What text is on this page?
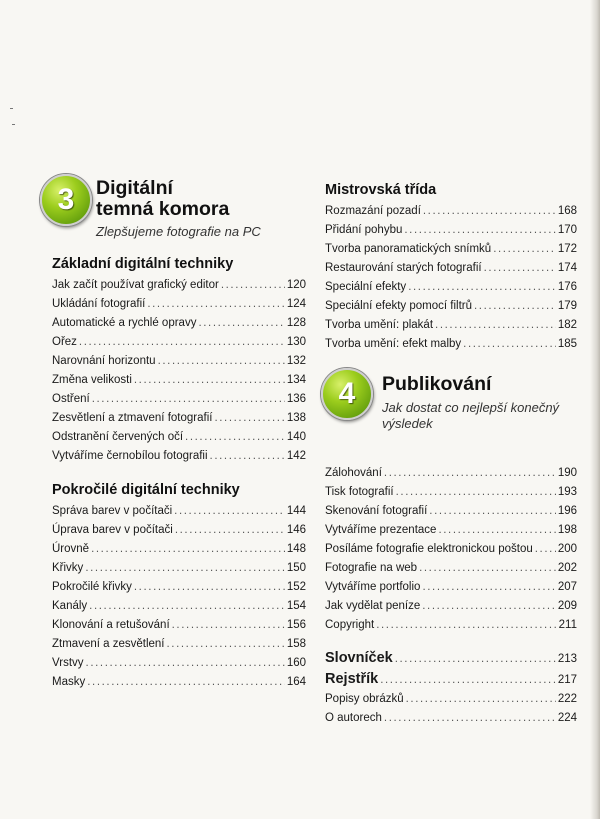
3	Digitální
temná komora
Zlepšujeme fotografie na PC
Základní digitální techniky
Jak začít používat grafický editor .....	120
Ukládání fotografií .....	124
Automatické a rychlé opravy .....	128
Ořez .....	130
Narovnání horizontu .....	132
Změna velikosti .....	134
Ostření .....	136
Zesvětlení a ztmavení fotografií .....	138
Odstranění červených očí .....	140
Vytváříme černobílou fotografii .....	142
Pokročilé digitální techniky
Správa barev v počítači .....	144
Úprava barev v počítači .....	146
Úrovně .....	148
Křivky .....	150
Pokročilé křivky .....	152
Kanály .....	154
Klonování a retušování .....	156
Ztmavení a zesvětlení .....	158
Vrstvy .....	160
Masky .....	164
Mistrovská třída
Rozmazání pozadí .....	168
Přidání pohybu .....	170
Tvorba panoramatických snímků .....	172
Restaurování starých fotografií .....	174
Speciální efekty .....	176
Speciální efekty pomocí filtrů .....	179
Tvorba umění: plakát .....	182
Tvorba umění: efekt malby .....	185
4	Publikování
Jak dostat co nejlepší konečný výsledek
Zálohování .....	190
Tisk fotografií .....	193
Skenování fotografií .....	196
Vytváříme prezentace .....	198
Posíláme fotografie elektronickou poštou ..... 200
Fotografie na web .....	202
Vytváříme portfolio .....	207
Jak vydělat peníze .....	209
Copyright .....	211
Slovníček .....	213
Rejstřík .....	217
Popisy obrázků .....	222
O autorech .....	224
